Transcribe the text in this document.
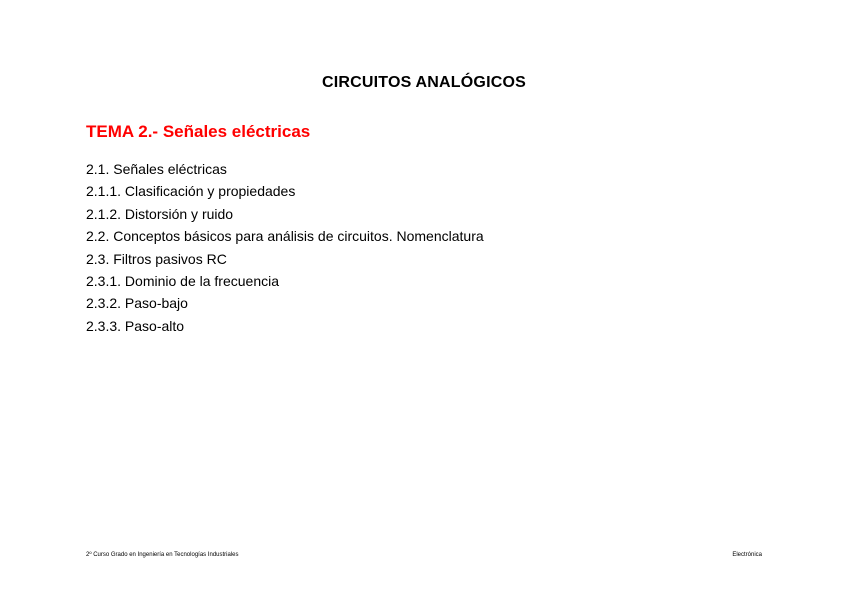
CIRCUITOS ANALÓGICOS
TEMA 2.- Señales eléctricas
2.1. Señales eléctricas
2.1.1. Clasificación y propiedades
2.1.2. Distorsión y ruido
2.2. Conceptos básicos para análisis de circuitos. Nomenclatura
2.3. Filtros pasivos RC
2.3.1. Dominio de la frecuencia
2.3.2. Paso-bajo
2.3.3. Paso-alto
2º Curso Grado en Ingeniería en Tecnologías Industriales	Electrónica
